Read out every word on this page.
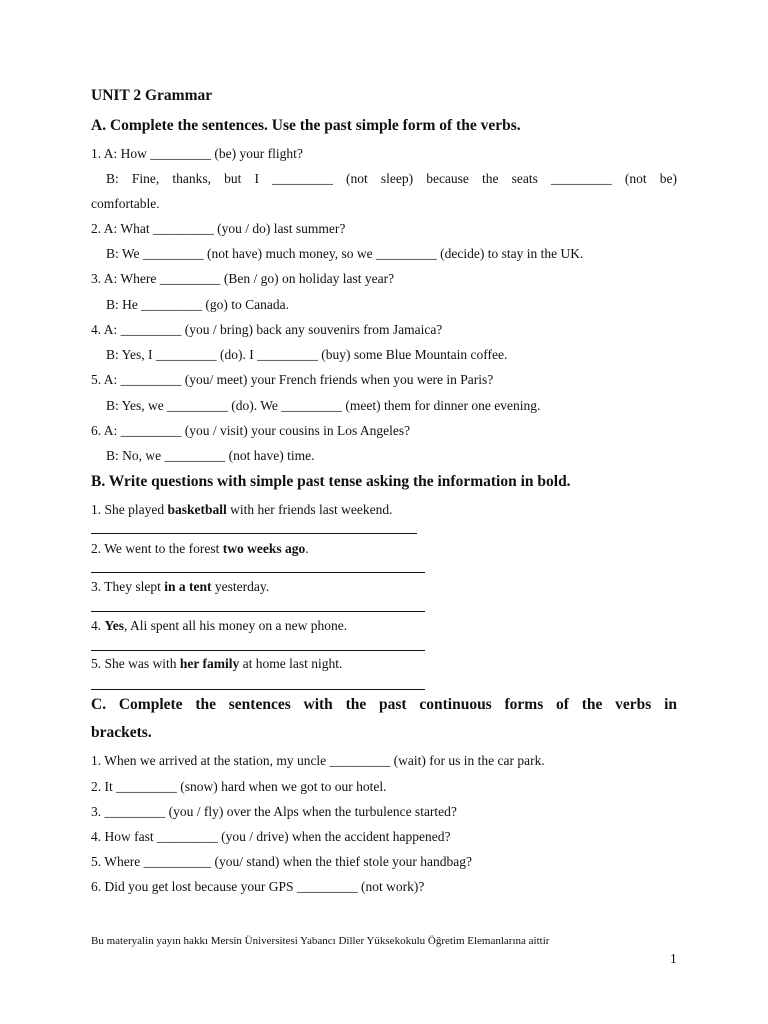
UNIT 2 Grammar
A. Complete the sentences. Use the past simple form of the verbs.
1. A: How _________ (be) your flight?
B: Fine, thanks, but I _________ (not sleep) because the seats _________ (not be)
comfortable.
2. A: What _________ (you / do) last summer?
B: We _________ (not have) much money, so we _________ (decide) to stay in the UK.
3. A: Where _________ (Ben / go) on holiday last year?
B: He _________ (go) to Canada.
4. A: _________ (you / bring) back any souvenirs from Jamaica?
B: Yes, I _________ (do). I _________ (buy) some Blue Mountain coffee.
5. A: _________ (you/ meet) your French friends when you were in Paris?
B: Yes, we _________ (do). We _________ (meet) them for dinner one evening.
6. A: _________ (you / visit) your cousins in Los Angeles?
B: No, we _________ (not have) time.
B. Write questions with simple past tense asking the information in bold.
1. She played basketball with her friends last weekend.
2. We went to the forest two weeks ago.
3. They slept in a tent yesterday.
4. Yes, Ali spent all his money on a new phone.
5. She was with her family at home last night.
C. Complete the sentences with the past continuous forms of the verbs in
brackets.
1. When we arrived at the station, my uncle _________ (wait) for us in the car park.
2. It _________ (snow) hard when we got to our hotel.
3. _________ (you / fly) over the Alps when the turbulence started?
4. How fast _________ (you / drive) when the accident happened?
5. Where __________ (you/ stand) when the thief stole your handbag?
6. Did you get lost because your GPS _________ (not work)?
Bu materyalin yayın hakkı Mersin Üniversitesi Yabancı Diller Yüksekokulu Öğretim Elemanlarına aittir
1
